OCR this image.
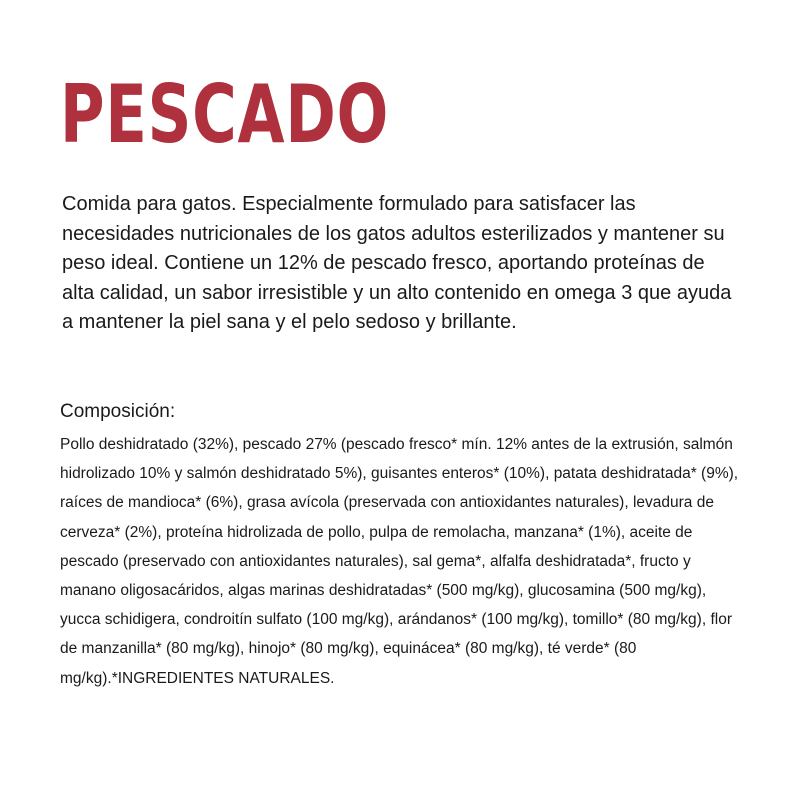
PESCADO

Comida para gatos. Especialmente formulado para satisfacer las necesidades nutricionales de los gatos adultos esterilizados y mantener su peso ideal. Contiene un 12% de pescado fresco, aportando proteínas de alta calidad, un sabor irresistible y un alto contenido en omega 3 que ayuda a mantener la piel sana y el pelo sedoso y brillante.

Composición:

Pollo deshidratado (32%), pescado 27% (pescado fresco* mín. 12% antes de la extrusión, salmón hidrolizado 10% y salmón deshidratado 5%), guisantes enteros* (10%), patata deshidratada* (9%), raíces de mandioca* (6%), grasa avícola (preservada con antioxidantes naturales), levadura de cerveza* (2%), proteína hidrolizada de pollo, pulpa de remolacha, manzana* (1%), aceite de pescado (preservado con antioxidantes naturales), sal gema*, alfalfa deshidratada*, fructo y manano oligosacáridos, algas marinas deshidratadas* (500 mg/kg), glucosamina (500 mg/kg), yucca schidigera, condroitín sulfato (100 mg/kg), arándanos* (100 mg/kg), tomillo* (80 mg/kg), flor de manzanilla* (80 mg/kg), hinojo* (80 mg/kg), equinácea* (80 mg/kg), té verde* (80 mg/kg).*INGREDIENTES NATURALES.
